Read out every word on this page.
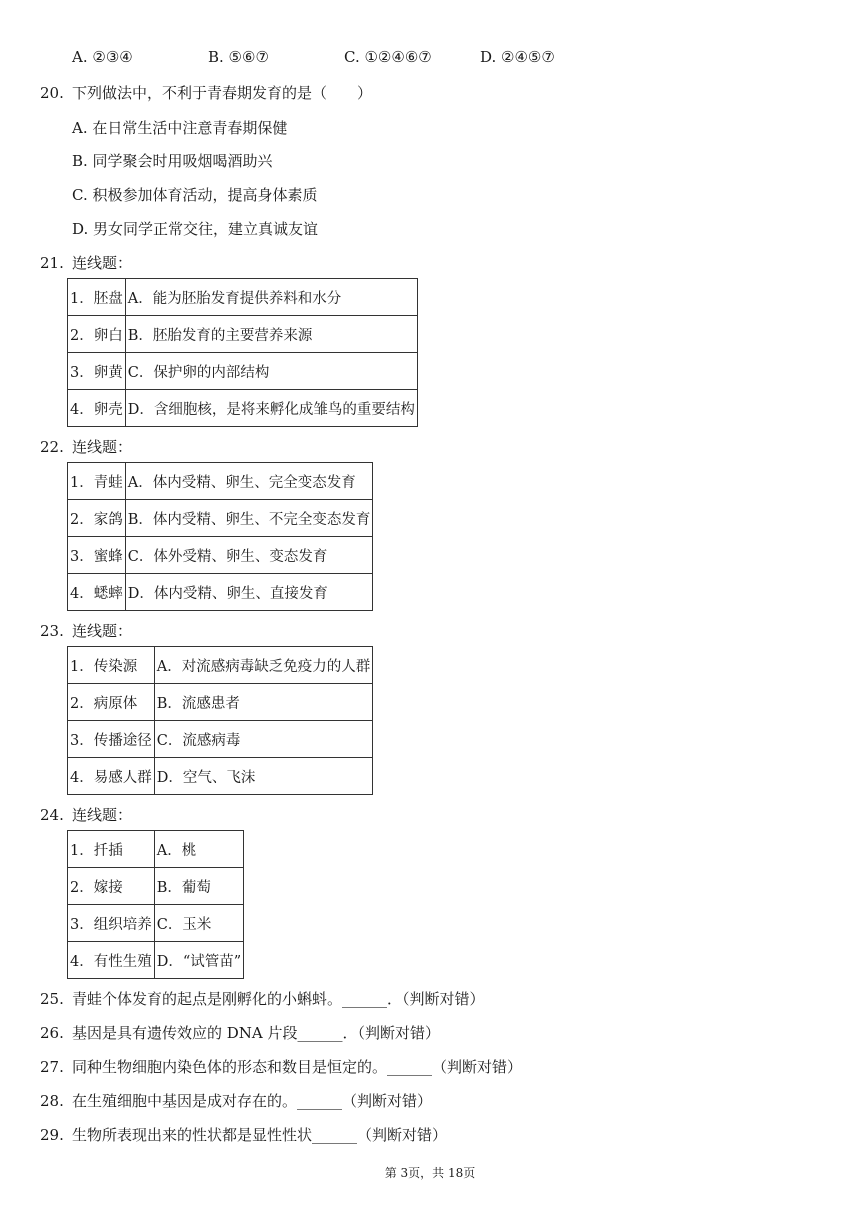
A. ②③④	B. ⑤⑥⑦	C. ①②④⑥⑦	D. ②④⑤⑦
20. 下列做法中，不利于青春期发育的是（　　）
A. 在日常生活中注意青春期保健
B. 同学聚会时用吸烟喝酒助兴
C. 积极参加体育活动，提高身体素质
D. 男女同学正常交往，建立真诚友谊
21. 连线题：
1．胚盘	A．能为胚胎发育提供养料和水分
2．卵白	B．胚胎发育的主要营养来源
3．卵黄	C．保护卵的内部结构
4．卵壳	D．含细胞核，是将来孵化成雏鸟的重要结构
22. 连线题：
1．青蛙	A．体内受精、卵生、完全变态发育
2．家鸽	B．体内受精、卵生、不完全变态发育
3．蜜蜂	C．体外受精、卵生、变态发育
4．蟋蟀	D．体内受精、卵生、直接发育
23. 连线题：
1．传染源	A．对流感病毒缺乏免疫力的人群
2．病原体	B．流感患者
3．传播途径	C．流感病毒
4．易感人群	D．空气、飞沫
24. 连线题：
1．扦插	A．桃
2．嫁接	B．葡萄
3．组织培养	C．玉米
4．有性生殖	D．“试管苗”
25. 青蛙个体发育的起点是刚孵化的小蝌蚪。______．（判断对错）
26. 基因是具有遗传效应的 DNA 片段______．（判断对错）
27. 同种生物细胞内染色体的形态和数目是恒定的。______（判断对错）
28. 在生殖细胞中基因是成对存在的。______（判断对错）
29. 生物所表现出来的性状都是显性性状______（判断对错）
第 3页，共 18页
